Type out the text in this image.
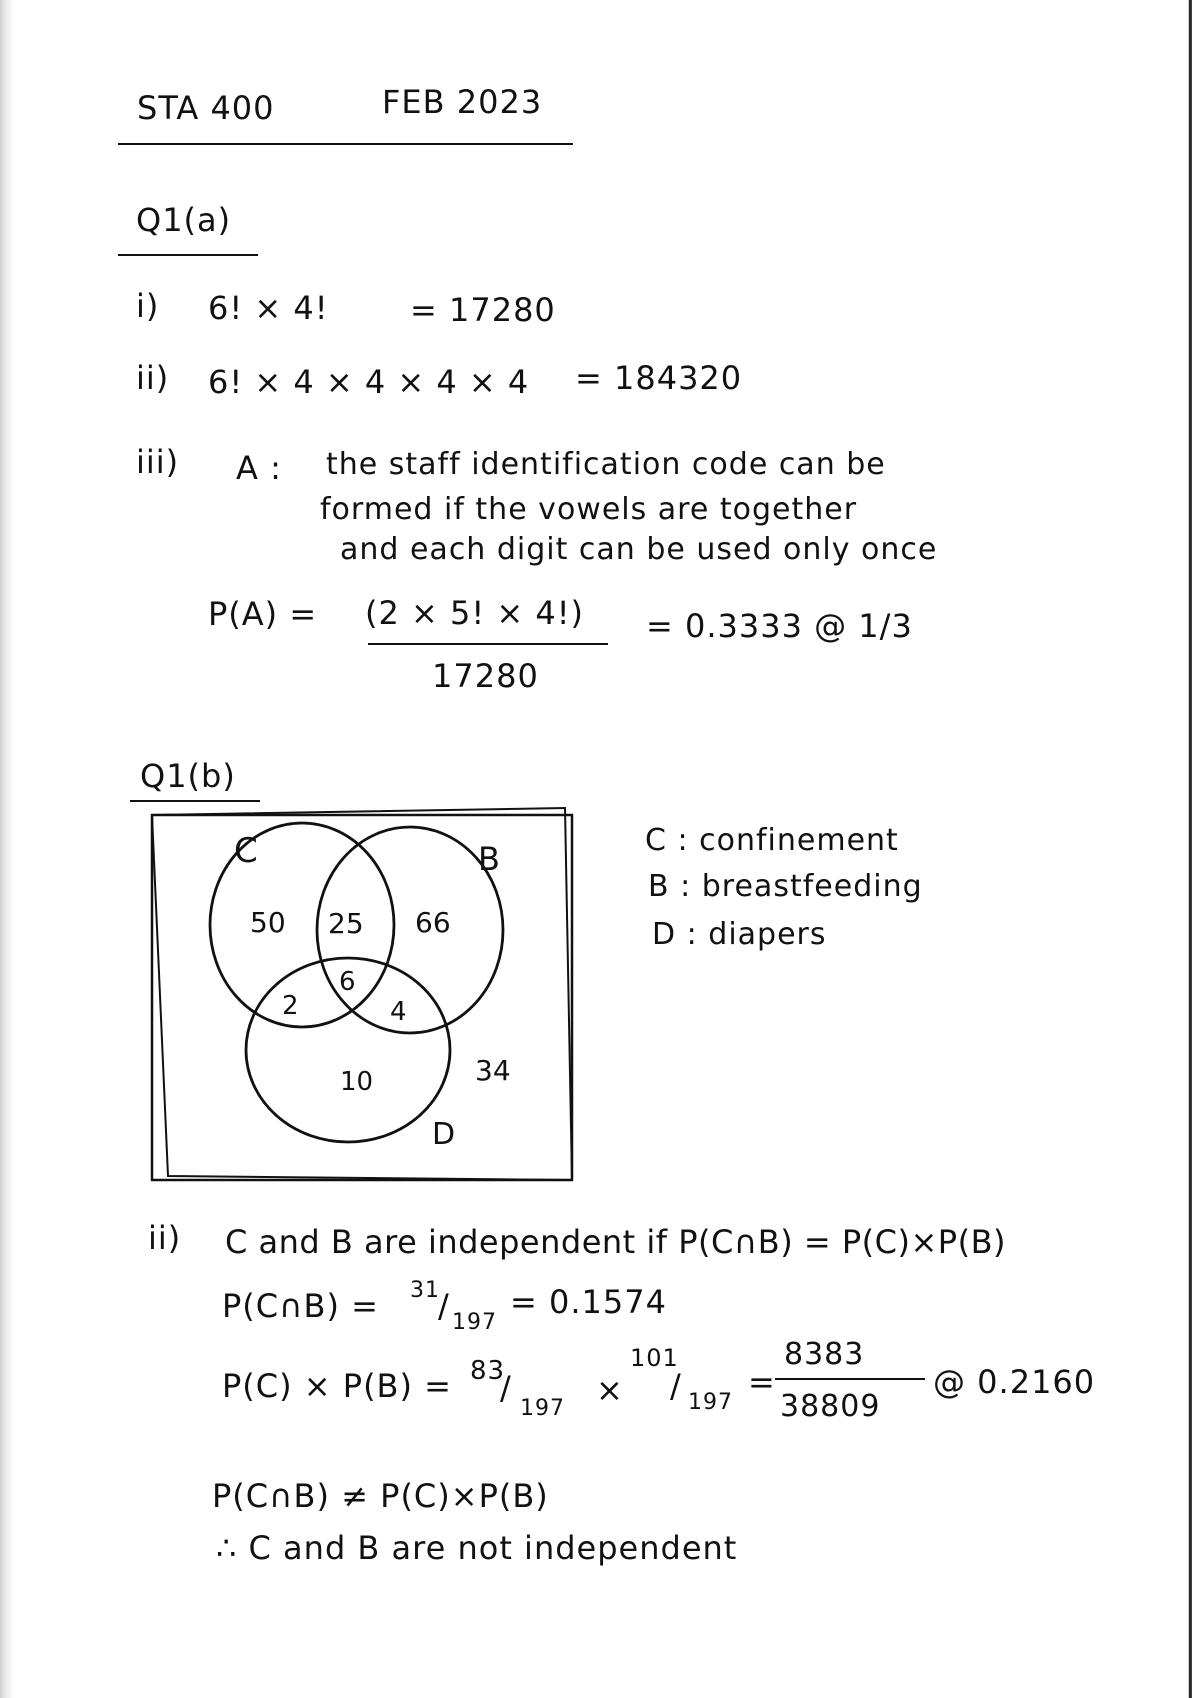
STA 400	FEB 2023
Q1(a)
i) 6! × 4!	= 17280
ii) 6! × 4 × 4 × 4 × 4 = 184320
iii) A : the staff identification code can be
formed if the vowels are together
and each digit can be used only once
P(A) = (2 × 5! × 4!)
17280
= 0.3333 @ 1/3
Q1(b)
C	B
D
50 25 66
6
2	4
10	34
C : confinement
B : breastfeeding
D : diapers
ii) C and B are independent if P(C∩B) = P(C)×P(B)
P(C∩B) = 31
/ 197
= 0.1574
P(C) × P(B) = 83
/
197 ×
101
/ 197
=
8383
38809
@ 0.2160
P(C∩B) ≠ P(C)×P(B)
∴ C and B are not independent
